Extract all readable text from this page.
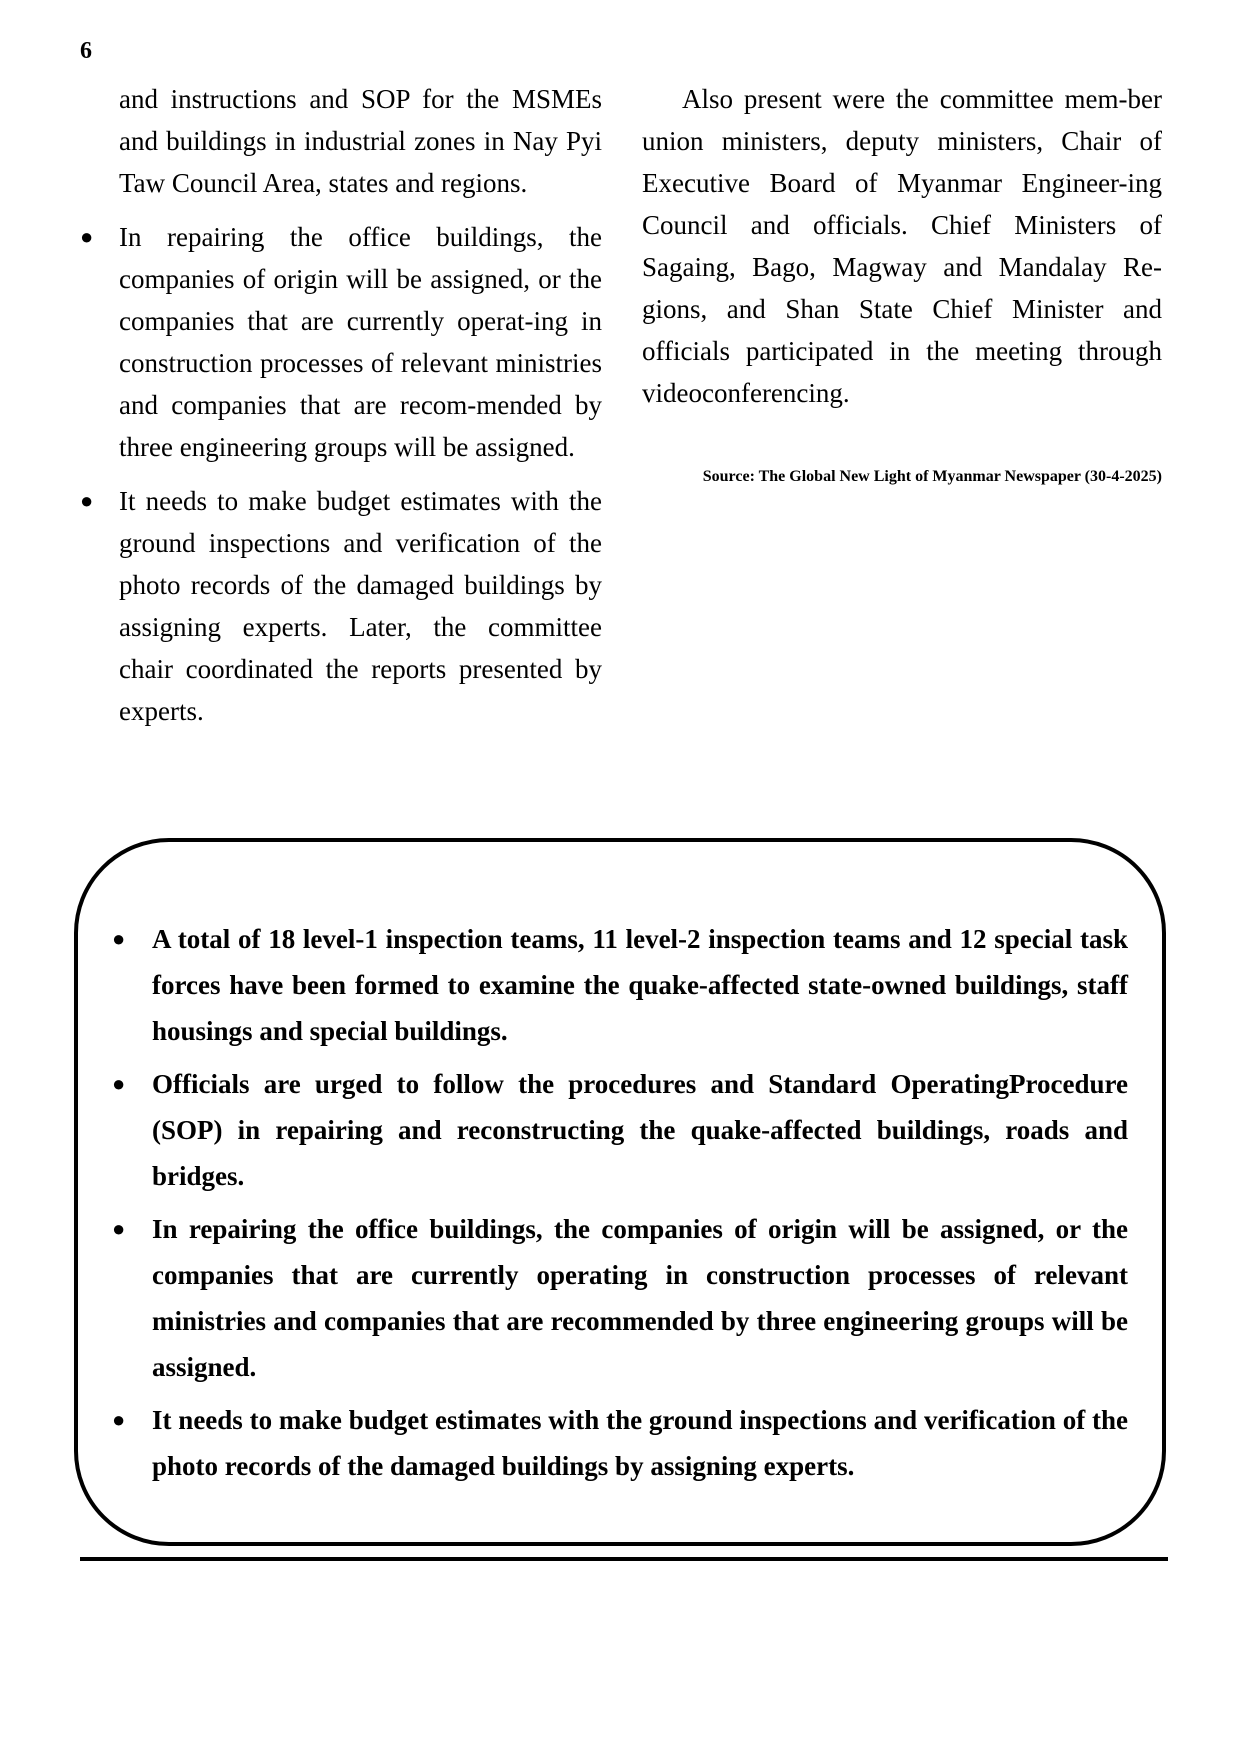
6

and instructions and SOP for the MSMEs and buildings in industrial zones in Nay Pyi Taw Council Area, states and regions.

● In repairing the office buildings, the companies of origin will be assigned, or the companies that are currently operat-ing in construction processes of relevant ministries and companies that are recom-mended by three engineering groups will be assigned.
● It needs to make budget estimates with the ground inspections and verification of the photo records of the damaged buildings by assigning experts. Later, the committee chair coordinated the reports presented by experts.

Also present were the committee mem-ber union ministers, deputy ministers, Chair of Executive Board of Myanmar Engineer-ing Council and officials. Chief Ministers of Sagaing, Bago, Magway and Mandalay Re-gions, and Shan State Chief Minister and officials participated in the meeting through videoconferencing.

Source: The Global New Light of Myanmar Newspaper (30-4-2025)
● A total of 18 level-1 inspection teams, 11 level-2 inspection teams and 12 special task forces have been formed to examine the quake-affected state-owned buildings, staff housings and special buildings.
● Officials are urged to follow the procedures and Standard OperatingProcedure (SOP) in repairing and reconstructing the quake-affected buildings, roads and bridges.
● In repairing the office buildings, the companies of origin will be assigned, or the companies that are currently operating in construction processes of relevant ministries and companies that are recommended by three engineering groups will be assigned.
● It needs to make budget estimates with the ground inspections and verification of the photo records of the damaged buildings by assigning experts.
